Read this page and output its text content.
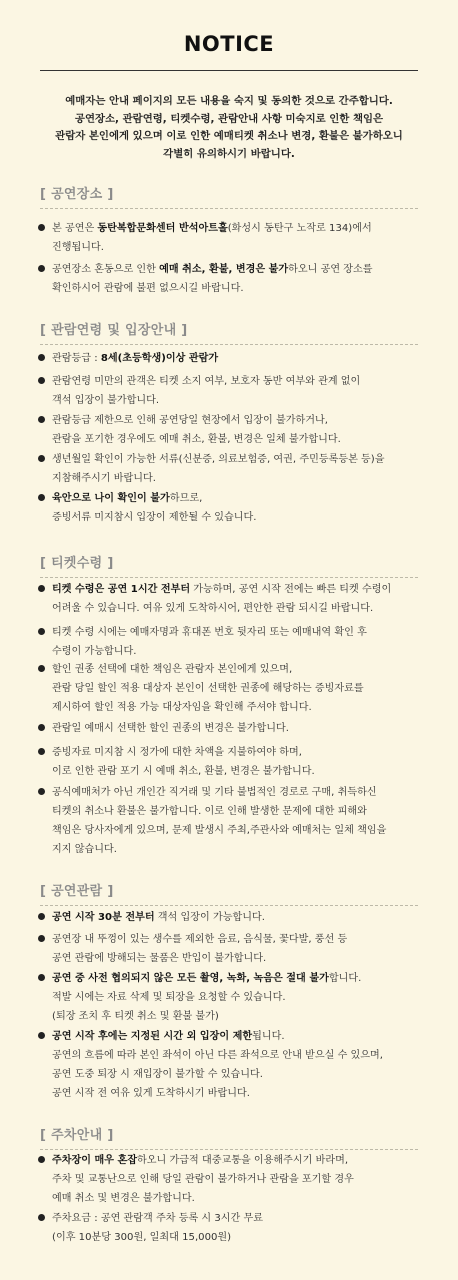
NOTICE

예매자는 안내 페이지의 모든 내용을 숙지 및 동의한 것으로 간주합니다.

공연장소, 관람연령, 티켓수령, 관람안내 사항 미숙지로 인한 책임은

관람자 본인에게 있으며 이로 인한 예매티켓 취소나 변경, 환불은 불가하오니

각별히 유의하시기 바랍니다.

[ 공연장소 ]

본 공연은 동탄복합문화센터 반석아트홀(화성시 동탄구 노작로 134)에서

진행됩니다.

공연장소 혼동으로 인한 예매 취소, 환불, 변경은 불가하오니 공연 장소를

확인하시어 관람에 불편 없으시길 바랍니다.

[ 관람연령 및 입장안내 ]

관람등급 : 8세(초등학생)이상 관람가

관람연령 미만의 관객은 티켓 소지 여부, 보호자 동반 여부와 관계 없이

객석 입장이 불가합니다.

관람등급 제한으로 인해 공연당일 현장에서 입장이 불가하거나,

관람을 포기한 경우에도 예매 취소, 환불, 변경은 일체 불가합니다.

생년월일 확인이 가능한 서류(신분증, 의료보험증, 여권, 주민등록등본 등)을

지참해주시기 바랍니다.

육안으로 나이 확인이 불가하므로,

증빙서류 미지참시 입장이 제한될 수 있습니다.

[ 티켓수령 ]

티켓 수령은 공연 1시간 전부터 가능하며, 공연 시작 전에는 빠른 티켓 수령이

어려울 수 있습니다. 여유 있게 도착하시어, 편안한 관람 되시길 바랍니다.

티켓 수령 시에는 예매자명과 휴대폰 번호 뒷자리 또는 예매내역 확인 후

수령이 가능합니다.

할인 권종 선택에 대한 책임은 관람자 본인에게 있으며,

관람 당일 할인 적용 대상자 본인이 선택한 권종에 해당하는 증빙자료를

제시하여 할인 적용 가능 대상자임을 확인해 주셔야 합니다.

관람일 예매시 선택한 할인 권종의 변경은 불가합니다.

증빙자료 미지참 시 정가에 대한 차액을 지불하여야 하며,

이로 인한 관람 포기 시 예매 취소, 환불, 변경은 불가합니다.

공식예매처가 아닌 개인간 직거래 및 기타 불법적인 경로로 구매, 취득하신

티켓의 취소나 환불은 불가합니다. 이로 인해 발생한 문제에 대한 피해와

책임은 당사자에게 있으며, 문제 발생시 주최,주관사와 예매처는 일체 책임을

지지 않습니다.

[ 공연관람 ]

공연 시작 30분 전부터 객석 입장이 가능합니다.

공연장 내 뚜껑이 있는 생수를 제외한 음료, 음식물, 꽃다발, 풍선 등

공연 관람에 방해되는 물품은 반입이 불가합니다.

공연 중 사전 협의되지 않은 모든 촬영, 녹화, 녹음은 절대 불가합니다.

적발 시에는 자료 삭제 및 퇴장을 요청할 수 있습니다.

(퇴장 조치 후 티켓 취소 및 환불 불가)

공연 시작 후에는 지정된 시간 외 입장이 제한됩니다.

공연의 흐름에 따라 본인 좌석이 아닌 다른 좌석으로 안내 받으실 수 있으며,

공연 도중 퇴장 시 재입장이 불가할 수 있습니다.

공연 시작 전 여유 있게 도착하시기 바랍니다.

[ 주차안내 ]

주차장이 매우 혼잡하오니 가급적 대중교통을 이용해주시기 바라며,

주차 및 교통난으로 인해 당일 관람이 불가하거나 관람을 포기할 경우

예매 취소 및 변경은 불가합니다.

주차요금 : 공연 관람객 주차 등록 시 3시간 무료

(이후 10분당 300원, 일최대 15,000원)
